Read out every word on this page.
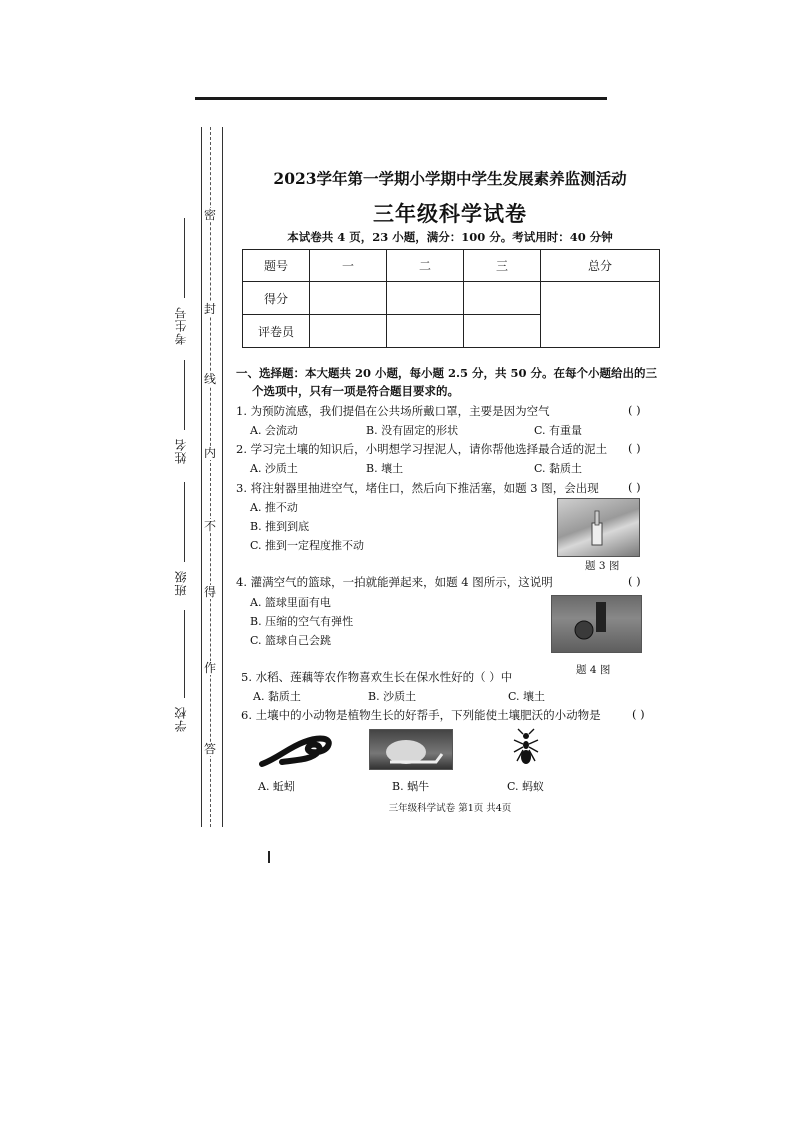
密
封
线
内
不
得
作
答
考生号
姓名
班级
学校
2023学年第一学期小学期中学生发展素养监测活动
三年级科学试卷
本试卷共 4 页，23 小题，满分：100 分。考试用时：40 分钟
题号	一	二	三	总分
得分				
评卷员				
一、选择题：本大题共 20 小题，每小题 2.5 分，共 50 分。在每个小题给出的三
个选项中，只有一项是符合题目要求的。
1. 为预防流感，我们提倡在公共场所戴口罩，主要是因为空气	( )
A. 会流动	B. 没有固定的形状	C. 有重量
2. 学习完土壤的知识后，小明想学习捏泥人，请你帮他选择最合适的泥土 ( )
A. 沙质土	B. 壤土	C. 黏质土
3. 将注射器里抽进空气，堵住口，然后向下推活塞，如题 3 图，会出现	( )
A. 推不动
B. 推到到底
C. 推到一定程度推不动
题 3 图
4. 灌满空气的篮球，一拍就能弹起来，如题 4 图所示，这说明	( )
A. 篮球里面有电
B. 压缩的空气有弹性
C. 篮球自己会跳
题 4 图
5. 水稻、莲藕等农作物喜欢生长在保水性好的（ ）中
A. 黏质土	B. 沙质土	C. 壤土
6. 土壤中的小动物是植物生长的好帮手，下列能使土壤肥沃的小动物是	( )
A. 蚯蚓	B. 蜗牛	C. 蚂蚁
三年级科学试卷 第1页 共4页
